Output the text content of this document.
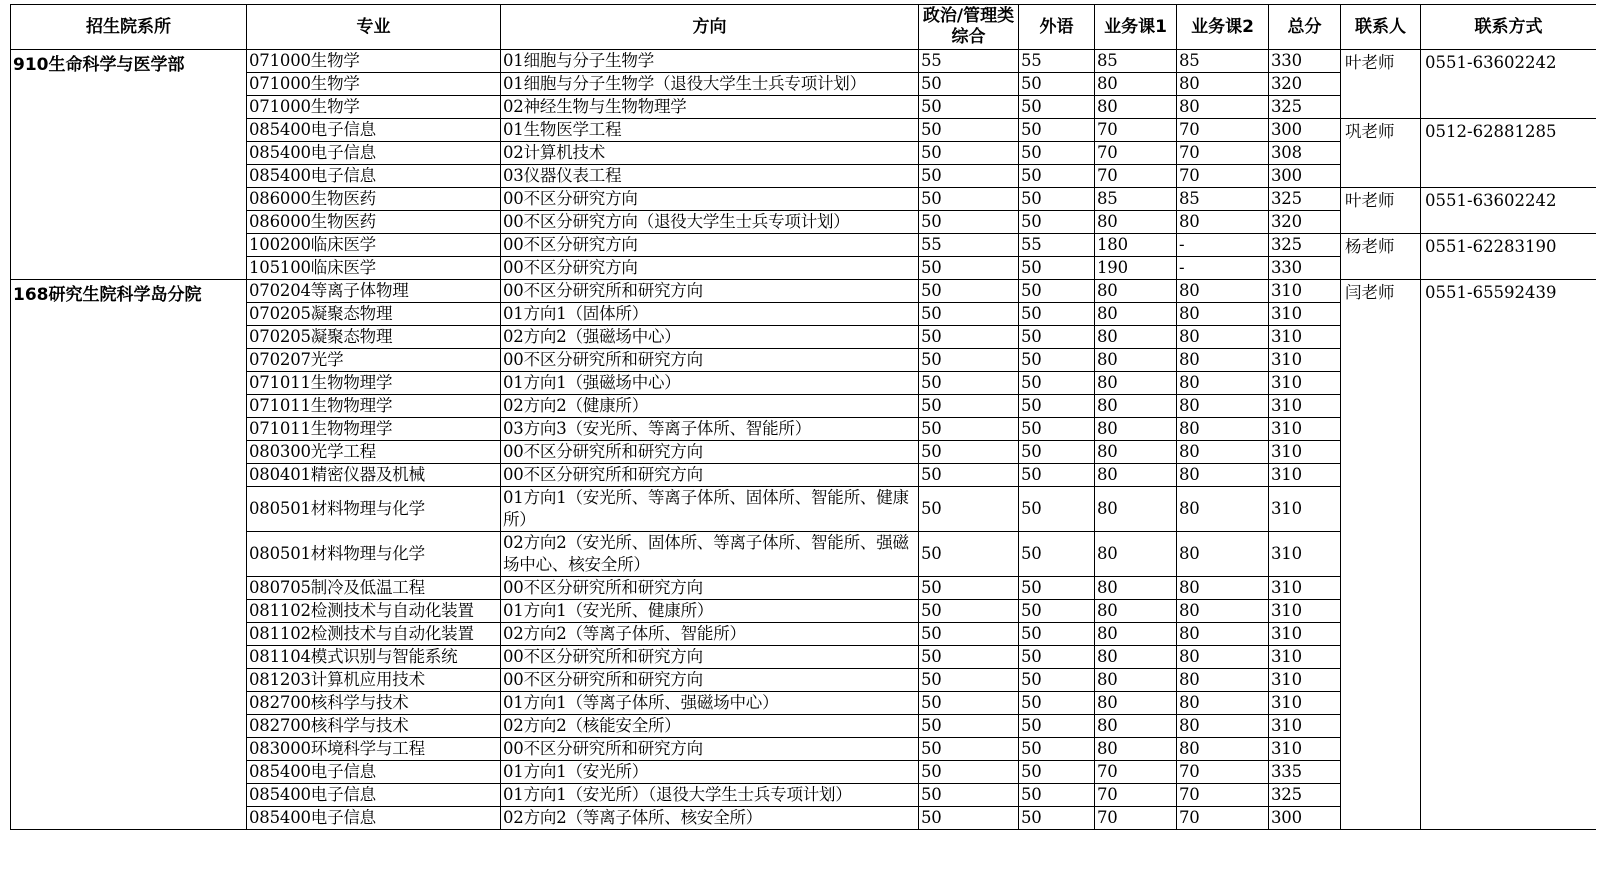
招生院系所	专业	方向	政治/管理类综合	外语	业务课1	业务课2	总分	联系人	联系方式
910生命科学与医学部	071000生物学	01细胞与分子生物学	55	55	85	85	330	叶老师	0551-63602242
	071000生物学	01细胞与分子生物学（退役大学生士兵专项计划）	50	50	80	80	320		
	071000生物学	02神经生物与生物物理学	50	50	80	80	325		
	085400电子信息	01生物医学工程	50	50	70	70	300	巩老师	0512-62881285
	085400电子信息	02计算机技术	50	50	70	70	308		
	085400电子信息	03仪器仪表工程	50	50	70	70	300		
	086000生物医药	00不区分研究方向	50	50	85	85	325	叶老师	0551-63602242
	086000生物医药	00不区分研究方向（退役大学生士兵专项计划）	50	50	80	80	320		
	100200临床医学	00不区分研究方向	55	55	180	-	325	杨老师	0551-62283190
	105100临床医学	00不区分研究方向	50	50	190	-	330		
168研究生院科学岛分院	070204等离子体物理	00不区分研究所和研究方向	50	50	80	80	310	闫老师	0551-65592439
	070205凝聚态物理	01方向1（固体所）	50	50	80	80	310		
	070205凝聚态物理	02方向2（强磁场中心）	50	50	80	80	310		
	070207光学	00不区分研究所和研究方向	50	50	80	80	310		
	071011生物物理学	01方向1（强磁场中心）	50	50	80	80	310		
	071011生物物理学	02方向2（健康所）	50	50	80	80	310		
	071011生物物理学	03方向3（安光所、等离子体所、智能所）	50	50	80	80	310		
	080300光学工程	00不区分研究所和研究方向	50	50	80	80	310		
	080401精密仪器及机械	00不区分研究所和研究方向	50	50	80	80	310		
	080501材料物理与化学	01方向1（安光所、等离子体所、固体所、智能所、健康所）	50	50	80	80	310		
	080501材料物理与化学	02方向2（安光所、固体所、等离子体所、智能所、强磁场中心、核安全所）	50	50	80	80	310		
	080705制冷及低温工程	00不区分研究所和研究方向	50	50	80	80	310		
	081102检测技术与自动化装置	01方向1（安光所、健康所）	50	50	80	80	310		
	081102检测技术与自动化装置	02方向2（等离子体所、智能所）	50	50	80	80	310		
	081104模式识别与智能系统	00不区分研究所和研究方向	50	50	80	80	310		
	081203计算机应用技术	00不区分研究所和研究方向	50	50	80	80	310		
	082700核科学与技术	01方向1（等离子体所、强磁场中心）	50	50	80	80	310		
	082700核科学与技术	02方向2（核能安全所）	50	50	80	80	310		
	083000环境科学与工程	00不区分研究所和研究方向	50	50	80	80	310		
	085400电子信息	01方向1（安光所）	50	50	70	70	335		
	085400电子信息	01方向1（安光所）（退役大学生士兵专项计划）	50	50	70	70	325		
	085400电子信息	02方向2（等离子体所、核安全所）	50	50	70	70	300		
